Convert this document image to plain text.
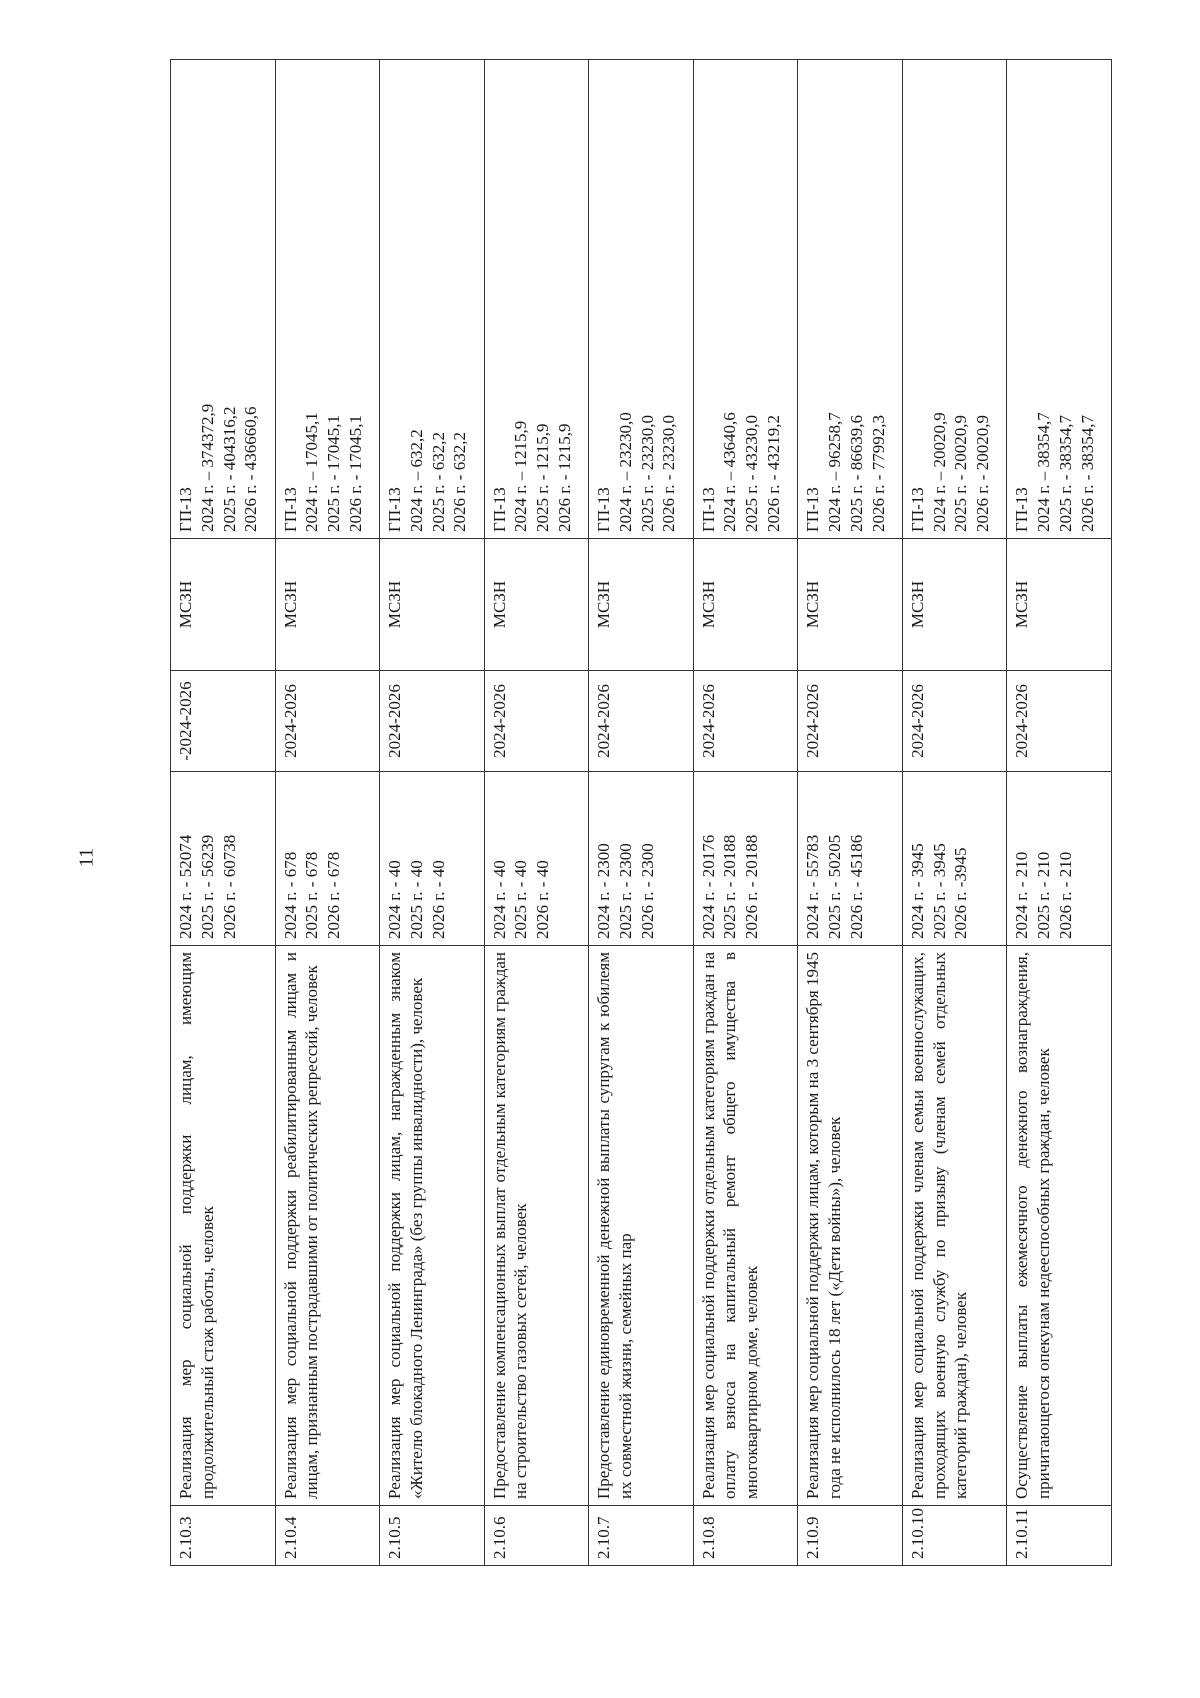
11
2.10.3	Реализация мер социальной поддержки лицам, имеющим продолжительный стаж работы, человек	2024 г. - 52074 2025 г. - 56239 2026 г. - 60738	-2024-2026	МСЗН	ГП-13 2024 г. – 374372,9 2025 г. - 404316,2 2026 г. - 436660,6

2.10.4	Реализация мер социальной поддержки реабилитированным лицам и лицам, признанным пострадавшими от политических репрессий, человек	2024 г. - 678 2025 г. - 678 2026 г. - 678	2024-2026	МСЗН	ГП-13 2024 г. – 17045,1 2025 г. - 17045,1 2026 г. - 17045,1

2.10.5	Реализация мер социальной поддержки лицам, награжденным знаком «Жителю блокадного Ленинграда» (без группы инвалидности), человек	2024 г. - 40 2025 г. - 40 2026 г. - 40	2024-2026	МСЗН	ГП-13 2024 г. – 632,2 2025 г. - 632,2 2026 г. - 632,2

2.10.6	Предоставление компенсационных выплат отдельным категориям граждан на строительство газовых сетей, человек	2024 г. - 40 2025 г. - 40 2026 г. - 40	2024-2026	МСЗН	ГП-13 2024 г. – 1215,9 2025 г. - 1215,9 2026 г. - 1215,9

2.10.7	Предоставление единовременной денежной выплаты супругам к юбилеям их совместной жизни, семейных пар	2024 г. - 2300 2025 г. - 2300 2026 г. - 2300	2024-2026	МСЗН	ГП-13 2024 г. – 23230,0 2025 г. - 23230,0 2026 г. - 23230,0

2.10.8	Реализация мер социальной поддержки отдельным категориям граждан на оплату взноса на капитальный ремонт общего имущества в многоквартирном доме, человек	2024 г. - 20176 2025 г. - 20188 2026 г. - 20188	2024-2026	МСЗН	ГП-13 2024 г. – 43640,6 2025 г. - 43230,0 2026 г. - 43219,2

2.10.9	Реализация мер социальной поддержки лицам, которым на 3 сентября 1945 года не исполнилось 18 лет («Дети войны»), человек	2024 г. - 55783 2025 г. - 50205 2026 г. - 45186	2024-2026	МСЗН	ГП-13 2024 г. – 96258,7 2025 г. - 86639,6 2026 г. - 77992,3

2.10.10	Реализация мер социальной поддержки членам семьи военнослужащих, проходящих военную службу по призыву (членам семей отдельных категорий граждан), человек	2024 г. - 3945 2025 г. - 3945 2026 г. -3945	2024-2026	МСЗН	ГП-13 2024 г. – 20020,9 2025 г. - 20020,9 2026 г. - 20020,9

2.10.11	Осуществление выплаты ежемесячного денежного вознаграждения, причитающегося опекунам недееспособных граждан, человек	2024 г. - 210 2025 г. - 210 2026 г. - 210	2024-2026	МСЗН	ГП-13 2024 г. – 38354,7 2025 г. - 38354,7 2026 г. - 38354,7
